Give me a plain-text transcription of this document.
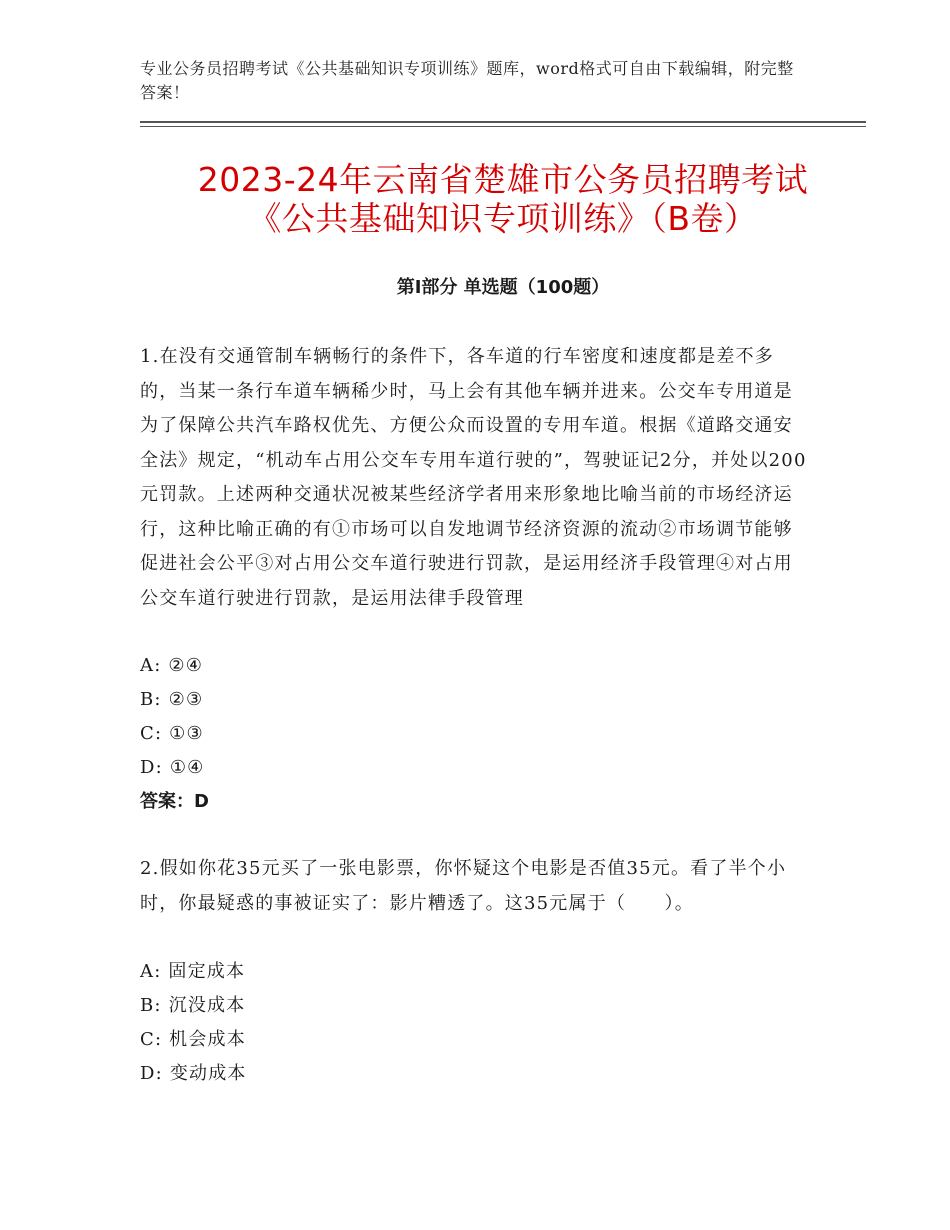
专业公务员招聘考试《公共基础知识专项训练》题库，word格式可自由下载编辑，附完整答案！
2023-24年云南省楚雄市公务员招聘考试
《公共基础知识专项训练》（B卷）
第Ⅰ部分 单选题（100题）
1.在没有交通管制车辆畅行的条件下，各车道的行车密度和速度都是差不多的，当某一条行车道车辆稀少时，马上会有其他车辆并进来。公交车专用道是为了保障公共汽车路权优先、方便公众而设置的专用车道。根据《道路交通安全法》规定，“机动车占用公交车专用车道行驶的”，驾驶证记2分，并处以200元罚款。上述两种交通状况被某些经济学者用来形象地比喻当前的市场经济运行，这种比喻正确的有①市场可以自发地调节经济资源的流动②市场调节能够促进社会公平③对占用公交车道行驶进行罚款，是运用经济手段管理④对占用公交车道行驶进行罚款，是运用法律手段管理
A: ②④
B: ②③
C: ①③
D: ①④
答案：D
2.假如你花35元买了一张电影票，你怀疑这个电影是否值35元。看了半个小时，你最疑惑的事被证实了：影片糟透了。这35元属于（　　）。
A: 固定成本
B: 沉没成本
C: 机会成本
D: 变动成本
